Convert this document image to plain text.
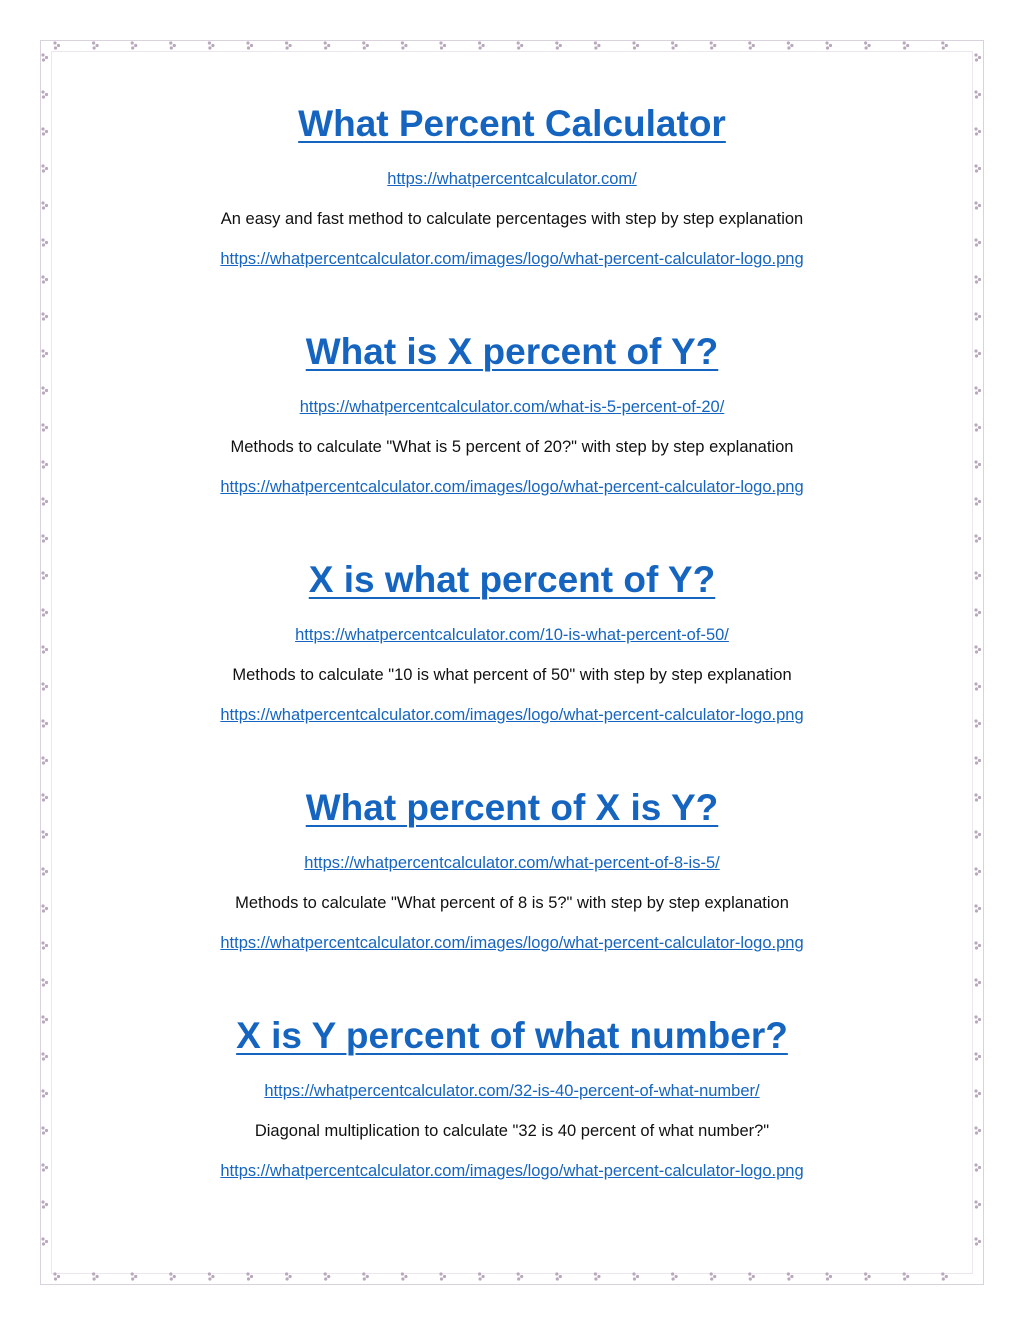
What Percent Calculator
https://whatpercentcalculator.com/
An easy and fast method to calculate percentages with step by step explanation
https://whatpercentcalculator.com/images/logo/what-percent-calculator-logo.png
What is X percent of Y?
https://whatpercentcalculator.com/what-is-5-percent-of-20/
Methods to calculate "What is 5 percent of 20?" with step by step explanation
https://whatpercentcalculator.com/images/logo/what-percent-calculator-logo.png
X is what percent of Y?
https://whatpercentcalculator.com/10-is-what-percent-of-50/
Methods to calculate "10 is what percent of 50" with step by step explanation
https://whatpercentcalculator.com/images/logo/what-percent-calculator-logo.png
What percent of X is Y?
https://whatpercentcalculator.com/what-percent-of-8-is-5/
Methods to calculate "What percent of 8 is 5?" with step by step explanation
https://whatpercentcalculator.com/images/logo/what-percent-calculator-logo.png
X is Y percent of what number?
https://whatpercentcalculator.com/32-is-40-percent-of-what-number/
Diagonal multiplication to calculate "32 is 40 percent of what number?"
https://whatpercentcalculator.com/images/logo/what-percent-calculator-logo.png
